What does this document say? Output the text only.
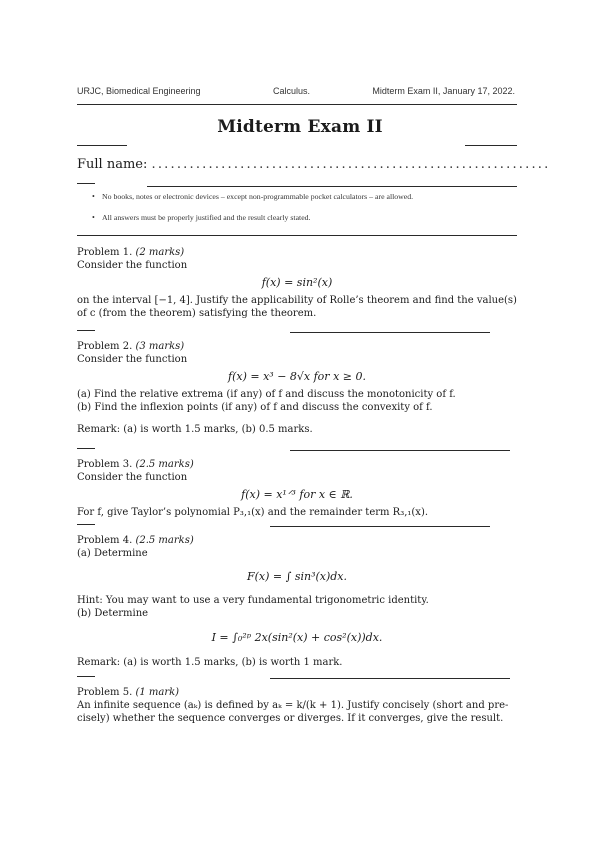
URJC, Biomedical Engineering	Calculus.	Midterm Exam II, January 17, 2022.
Midterm Exam II
Full name: ...............................................................
• No books, notes or electronic devices – except non-programmable pocket calculators – are allowed.
• All answers must be properly justified and the result clearly stated.
Problem 1. (2 marks)
Consider the function
f(x) = sin²(x)
on the interval [−1, 4]. Justify the applicability of Rolle’s theorem and find the value(s)
of c (from the theorem) satisfying the theorem.
Problem 2. (3 marks)
Consider the function
f(x) = x³ − 8√x for x ≥ 0.
(a) Find the relative extrema (if any) of f and discuss the monotonicity of f.
(b) Find the inflexion points (if any) of f and discuss the convexity of f.
Remark: (a) is worth 1.5 marks, (b) 0.5 marks.
Problem 3. (2.5 marks)
Consider the function
f(x) = x¹ᐟ³ for x ∈ ℝ.
For f, give Taylor’s polynomial P₃,₁(x) and the remainder term R₃,₁(x).
Problem 4. (2.5 marks)
(a) Determine
F(x) = ∫ sin³(x)dx.
Hint: You may want to use a very fundamental trigonometric identity.
(b) Determine
I = ∫₀²ᵖ 2x(sin²(x) + cos²(x))dx.
Remark: (a) is worth 1.5 marks, (b) is worth 1 mark.
Problem 5. (1 mark)
An infinite sequence (aₖ) is defined by aₖ = k/(k + 1). Justify concisely (short and pre-
cisely) whether the sequence converges or diverges. If it converges, give the result.
